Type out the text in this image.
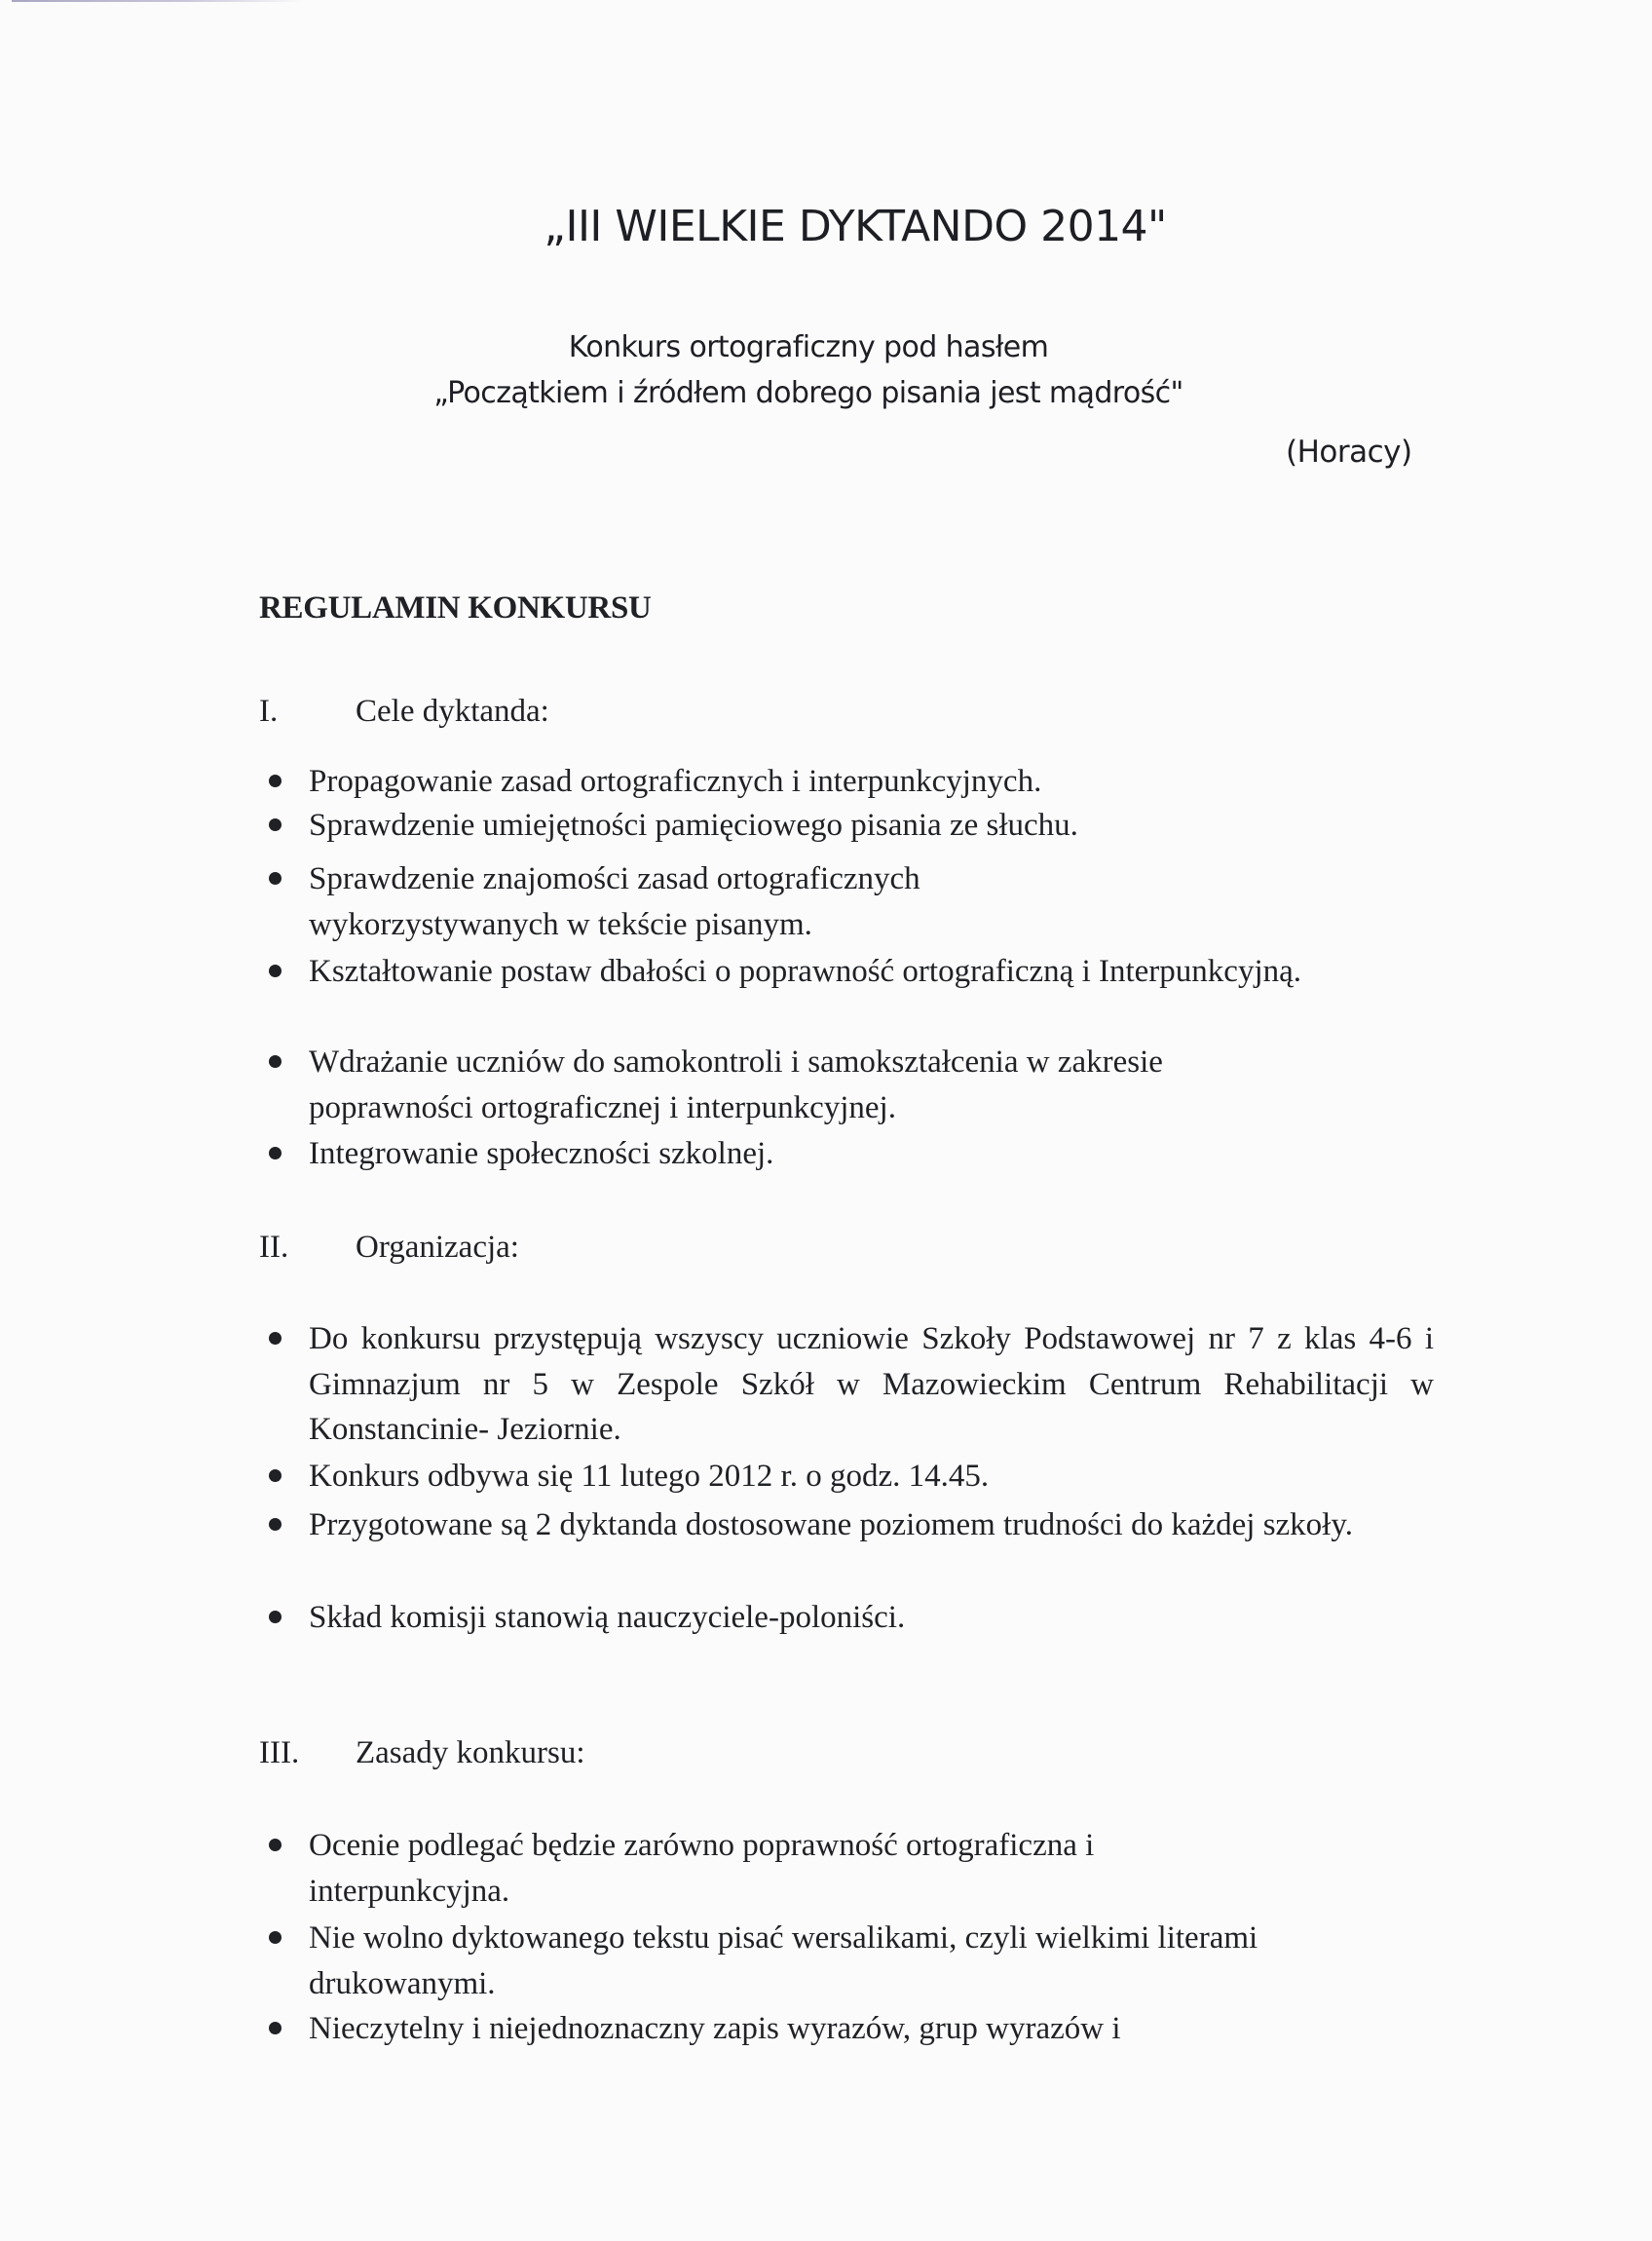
„III WIELKIE DYKTANDO 2014"
Konkurs ortograficzny pod hasłem
„Początkiem i źródłem dobrego pisania jest mądrość"
(Horacy)
REGULAMIN KONKURSU
I. Cele dyktanda:
Propagowanie zasad ortograficznych i interpunkcyjnych.
Sprawdzenie umiejętności pamięciowego pisania ze słuchu.
Sprawdzenie znajomości zasad ortograficznych wykorzystywanych w tekście pisanym.
Kształtowanie postaw dbałości o poprawność ortograficzną i Interpunkcyjną.
Wdrażanie uczniów do samokontroli i samokształcenia w zakresie poprawności ortograficznej i interpunkcyjnej.
Integrowanie społeczności szkolnej.
II. Organizacja:
Do konkursu przystępują wszyscy uczniowie Szkoły Podstawowej nr 7 z klas 4-6 i Gimnazjum nr 5 w Zespole Szkół w Mazowieckim Centrum Rehabilitacji w Konstancinie- Jeziornie.
Konkurs odbywa się 11 lutego 2012 r. o godz. 14.45.
Przygotowane są 2 dyktanda dostosowane poziomem trudności do każdej szkoły.
Skład komisji stanowią nauczyciele-poloniści.
III. Zasady konkursu:
Ocenie podlegać będzie zarówno poprawność ortograficzna i interpunkcyjna.
Nie wolno dyktowanego tekstu pisać wersalikami, czyli wielkimi literami drukowanymi.
Nieczytelny i niejednoznaczny zapis wyrazów, grup wyrazów i
